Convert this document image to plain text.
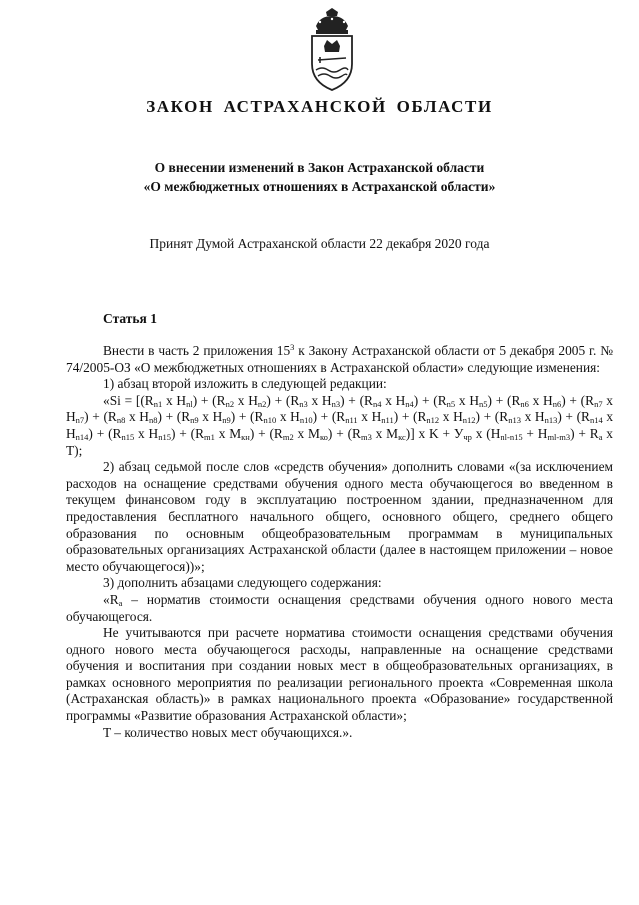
ЗАКОН АСТРАХАНСКОЙ ОБЛАСТИ
О внесении изменений в Закон Астраханской области
«О межбюджетных отношениях в Астраханской области»
Принят Думой Астраханской области 22 декабря 2020 года
Статья 1

Внести в часть 2 приложения $15^3$ к Закону Астраханской области от 5 декабря 2005 г. № 74/2005-ОЗ «О межбюджетных отношениях в Астраханской области» следующие изменения:

1) абзац второй изложить в следующей редакции:

«$Si = [(R_{n1}$ x $H_{nl}) + (R_{n2}$ x $H_{n2}) + (R_{n3}$ x $H_{n3}) + (R_{n4}$ x $H_{n4}) + (R_{n5}$ x $H_{n5}) + (R_{n6}$ x $H_{n6}) + (R_{n7}$ x $H_{n7}) + (R_{n8}$ x $H_{n8}) + (R_{n9}$ x $H_{n9}) + (R_{n10}$ x $H_{n10}) + (R_{n11}$ x $H_{n11}) + (R_{n12}$ x $H_{n12}) + (R_{n13}$ x $H_{n13}) + (R_{n14}$ x $H_{n14}) + (R_{n15}$ x $H_{n15}) + (R_{m1}$ x $M_{кн}) + (R_{m2}$ x $M_{ко}) + (R_{m3}$ x $M_{кс}$)] x $K + У_{чр}$ x $(H_{nl-n15} + H_{ml-m3}) + R_a$ x T);

2) абзац седьмой после слов «средств обучения» дополнить словами «(за исключением расходов на оснащение средствами обучения одного места обучающегося во введенном в текущем финансовом году в эксплуатацию построенном здании, предназначенном для предоставления бесплатного начального общего, основного общего, среднего общего образования по основным общеобразовательным программам в муниципальных образовательных организациях Астраханской области (далее в настоящем приложении – новое место обучающегося))»;

3) дополнить абзацами следующего содержания:

«$R_a$ – норматив стоимости оснащения средствами обучения одного нового места обучающегося.

Не учитываются при расчете норматива стоимости оснащения средствами обучения одного нового места обучающегося расходы, направленные на оснащение средствами обучения и воспитания при создании новых мест в общеобразовательных организациях, в рамках основного мероприятия по реализации регионального проекта «Современная школа (Астраханская область)» в рамках национального проекта «Образование» государственной программы «Развитие образования Астраханской области»;

T – количество новых мест обучающихся.».
